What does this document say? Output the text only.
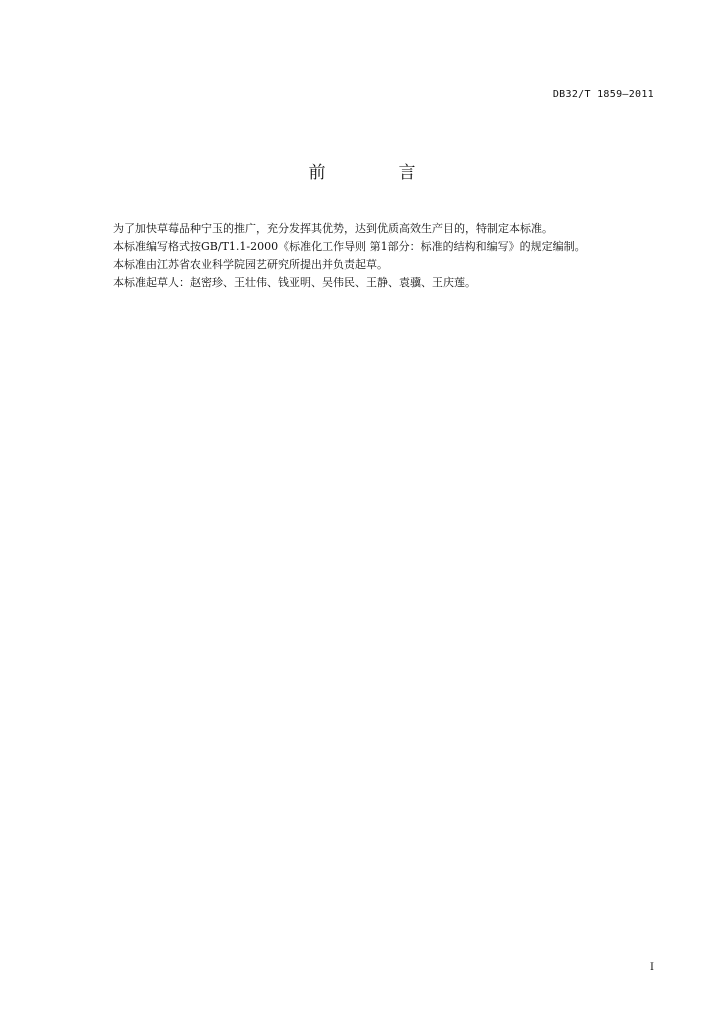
DB32/T 1859—2011
前　言
为了加快草莓品种宁玉的推广，充分发挥其优势，达到优质高效生产目的，特制定本标准。
本标准编写格式按GB/T1.1-2000《标准化工作导则 第1部分：标准的结构和编写》的规定编制。
本标准由江苏省农业科学院园艺研究所提出并负责起草。
本标准起草人：赵密珍、王壮伟、钱亚明、吴伟民、王静、袁骥、王庆莲。
I
